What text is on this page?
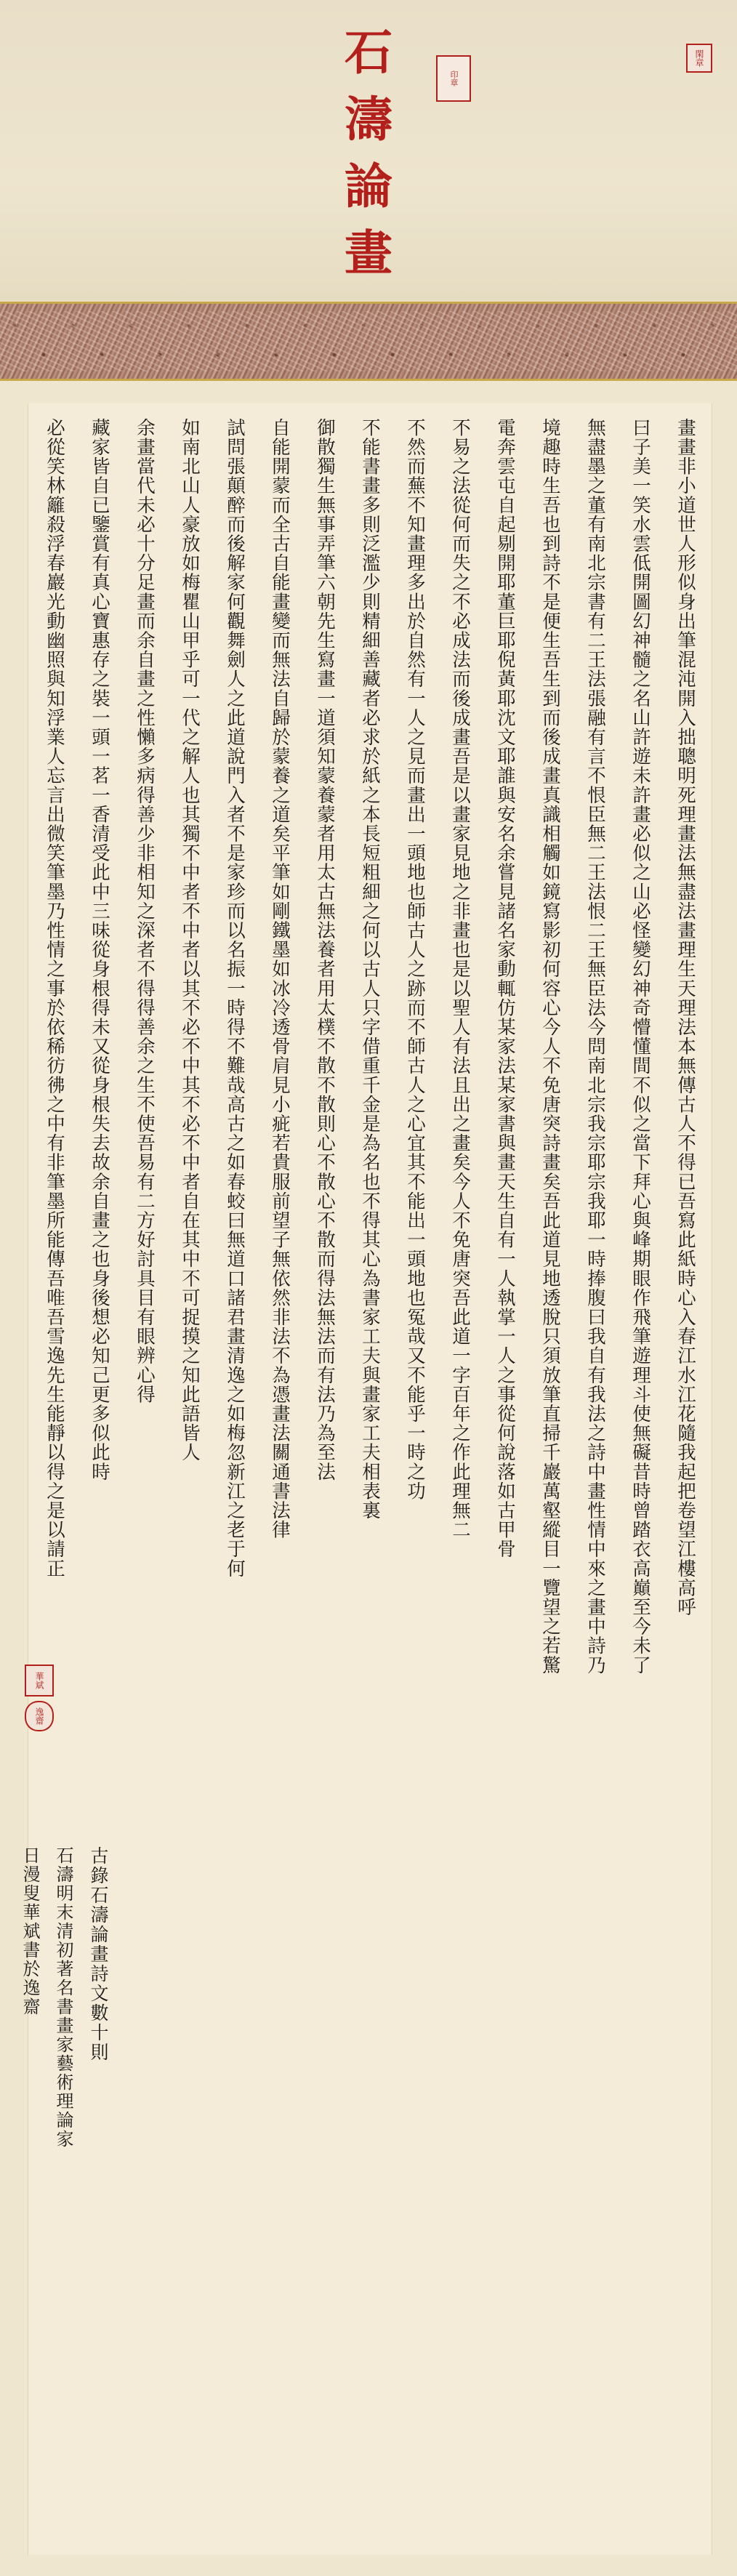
石
濤
論
畫
印章
畫畫非小道世人形似身出筆混沌開入拙聰明死理畫法無盡法畫理生天理法本無傳古人不得已吾寫此紙時心入春江水江花隨我起把卷望江樓高呼
曰子美一笑水雲低開圖幻神髓之名山許遊未許畫必似之山必怪變幻神奇懵懂間不似之當下拜心與峰期眼作飛筆遊理斗使無礙昔時曾踏衣高巔至今未了
無盡墨之董有南北宗書有二王法張融有言不恨臣無二王法恨二王無臣法今問南北宗我宗耶宗我耶一時捧腹曰我自有我法之詩中畫性情中來之畫中詩乃
境趣時生吾也到詩不是便生吾生到而後成畫真識相觸如鏡寫影初何容心今人不免唐突詩畫矣吾此道見地透脫只須放筆直掃千巖萬壑縱目一覽望之若驚
電奔雲屯自起剔開耶董巨耶倪黃耶沈文耶誰與安名余嘗見諸名家動輒仿某家法某家書與畫天生自有一人執掌一人之事從何說落如古甲骨
不易之法從何而失之不必成法而後成畫吾是以畫家見地之非畫也是以聖人有法且出之畫矣今人不免唐突吾此道一字百年之作此理無二
不然而蕪不知畫理多出於自然有一人之見而畫出一頭地也師古人之跡而不師古人之心宜其不能出一頭地也冤哉又不能乎一時之功
不能書畫多則泛濫少則精細善藏者必求於紙之本長短粗細之何以古人只字借重千金是為名也不得其心為書家工夫與畫家工夫相表裏
御散獨生無事弄筆六朝先生寫畫一道須知蒙養蒙者用太古無法養者用太樸不散不散則心不散心不散而得法無法而有法乃為至法
自能開蒙而全古自能畫變而無法自歸於蒙養之道矣平筆如剛鐵墨如冰冷透骨肩見小疵若貴服前望子無依然非法不為憑畫法關通書法律
試問張顛醉而後解家何觀舞劍人之此道說門入者不是家珍而以名振一時得不難哉高古之如春蛟曰無道口諸君畫清逸之如梅忽新江之老于何
如南北山人豪放如梅瞿山甲乎可一代之解人也其獨不中者不中者以其不必不中其不必不中者自在其中不可捉摸之知此語皆人
余畫當代未必十分足畫而余自畫之性懶多病得善少非相知之深者不得得善余之生不使吾易有二方好討具目有眼辨心得
藏家皆自已鑒賞有真心寶惠存之裝一頭一茗一香清受此中三味從身根得未又從身根失去故余自畫之也身後想必知己更多似此時
必從笑林籬殺浮春巖光動幽照與知浮業人忘言出微笑筆墨乃性情之事於依稀彷彿之中有非筆墨所能傳吾唯吾雪逸先生能靜以得之是以請正
閑章
古錄石濤論畫詩文數十則
石濤明末清初著名書畫家藝術理論家
日漫叟華斌書於逸齋
華斌
逸齋
